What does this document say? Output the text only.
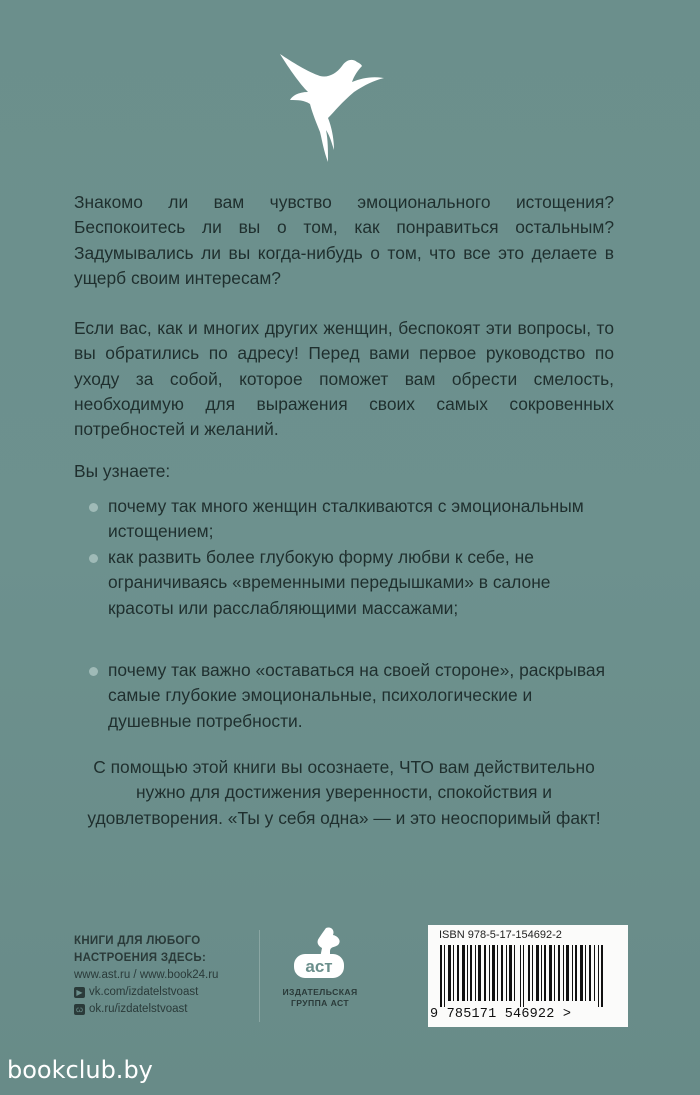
Знакомо ли вам чувство эмоционального истощения? Беспокоитесь ли вы о том, как понравиться остальным? Задумывались ли вы когда-нибудь о том, что все это делаете в ущерб своим интересам?

Если вас, как и многих других женщин, беспокоят эти вопросы, то вы обратились по адресу! Перед вами первое руководство по уходу за собой, которое поможет вам обрести смелость, необходимую для выражения своих самых сокровенных потребностей и желаний.

Вы узнаете:

почему так много женщин сталкиваются с эмоциональным истощением;

как развить более глубокую форму любви к себе, не ограничиваясь «временными передышками» в салоне красоты или расслабляющими массажами;

почему так важно «оставаться на своей стороне», раскрывая самые глубокие эмоциональные, психологические и душевные потребности.

С помощью этой книги вы осознаете, ЧТО вам действительно нужно для достижения уверенности, спокойствия и удовлетворения. «Ты у себя одна» — и это неоспоримый факт!

КНИГИ ДЛЯ ЛЮБОГО
НАСТРОЕНИЯ ЗДЕСЬ:
www.ast.ru / www.book24.ru
▶ vk.com/izdatelstvoast
ꞷ ok.ru/izdatelstvoast
аст
ИЗДАТЕЛЬСКАЯ
ГРУППА АСТ
ISBN 978-5-17-154692-2
9 785171 546922 >
bookclub.by
